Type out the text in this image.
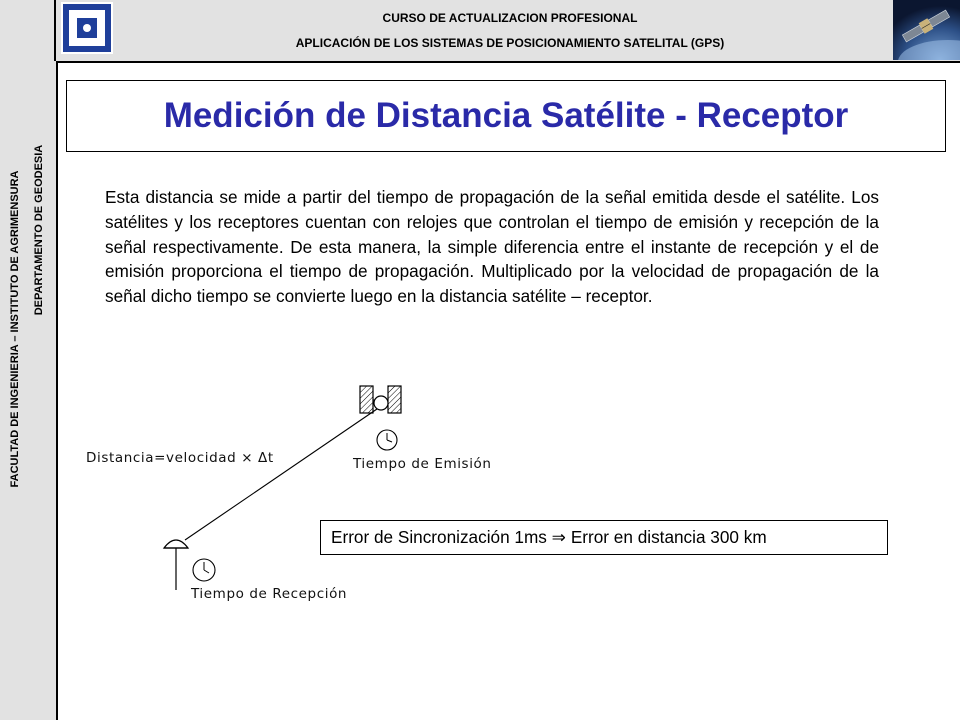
CURSO DE ACTUALIZACION PROFESIONAL
APLICACIÓN DE LOS SISTEMAS DE POSICIONAMIENTO SATELITAL (GPS)
FACULTAD DE INGENIERIA – INSTITUTO DE AGRIMENSURA DEPARTAMENTO DE GEODESIA
Medición de Distancia Satélite - Receptor
Esta distancia se mide a partir del tiempo de propagación de la señal emitida desde el satélite. Los satélites y los receptores cuentan con relojes que controlan el tiempo de emisión y recepción de la señal respectivamente. De esta manera, la simple diferencia entre el instante de recepción y el de emisión proporciona el tiempo de propagación. Multiplicado por la velocidad de propagación de la señal dicho tiempo se convierte luego en la distancia satélite – receptor.
Distancia=velocidad × Δt	Tiempo de Emisión
Tiempo de Recepción
Error de Sincronización 1ms ⇒ Error en distancia 300 km
